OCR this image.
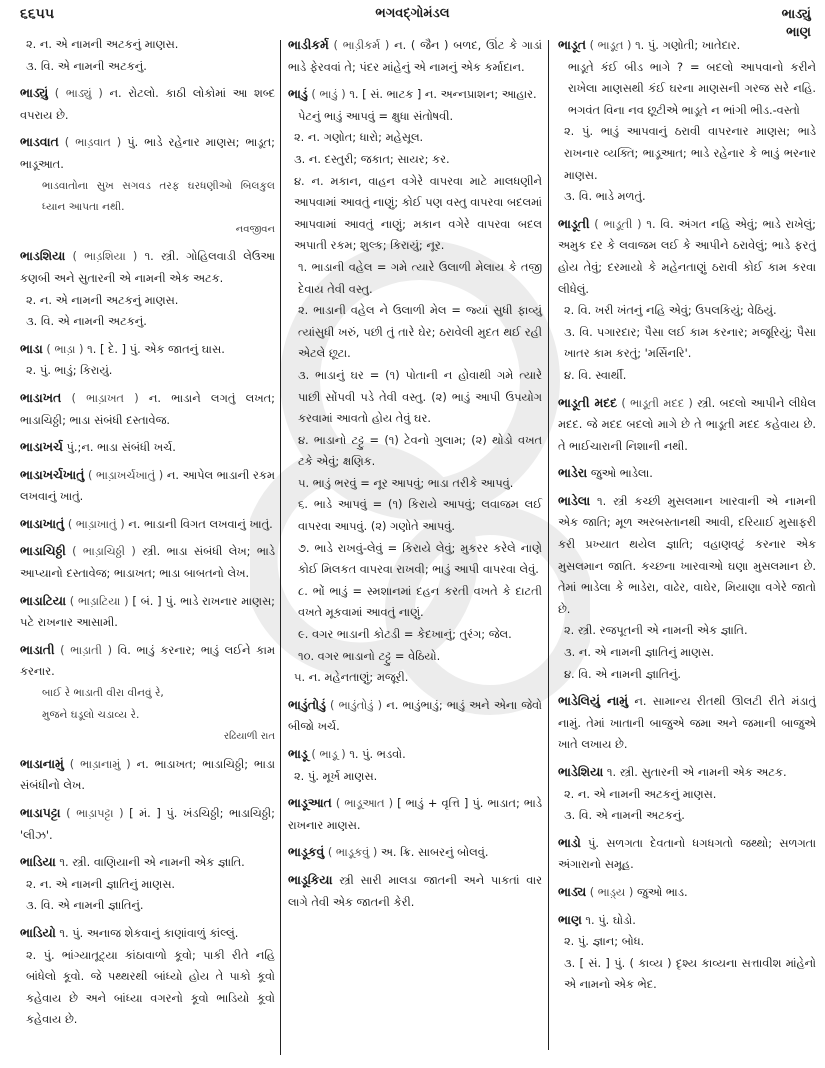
૬૬૫૫	ભગવદ્ગોમંડલ	ભાડ્યું
ભાણ
૨. ન. એ નામની અટકનું માણસ.
૩. વિ. એ નામની અટકનું.
ભાડ્યું ( ભાડ્યું ) ન. રોટલો. કાઠી લોકોમાં આ શબ્દ વપરાય છે.
ભાડવાત ( ભાડ઼વાત ) પું. ભાડે રહેનાર માણસ; ભાડૂત; ભાડૂઆત.
ભાડવાતોના સુખ સગવડ તરફ ઘરધણીઓ બિલકુલ ધ્યાન આપતા નથી.
નવજીવન
ભાડશિયા ( ભાડ઼શિયા ) ૧. સ્ત્રી. ગોહિલવાડી લેઉઆ કણબી અને સુતારની એ નામની એક અટક.
૨. ન. એ નામની અટકનું માણસ.
૩. વિ. એ નામની અટકનું.
ભાડા ( ભાડ઼ા ) ૧. [ દે. ] પું. એક જાતનું ઘાસ.
૨. પું. ભાડું; કિરાયું.
ભાડાખત ( ભાડ઼ાખત ) ન. ભાડાને લગતું લખત; ભાડાચિઠ્ઠી; ભાડા સંબંધી દસ્તાવેજ.
ભાડાખર્ચ પું.;ન. ભાડા સંબંધી ખર્ચ.
ભાડાખર્ચખાતું ( ભાડ઼ાખર્ચખાતું ) ન. આપેલ ભાડાની રકમ લખવાનું ખાતું.
ભાડાખાતું ( ભાડ઼ાખાતું ) ન. ભાડાની વિગત લખવાનું ખાતું.
ભાડાચિઠ્ઠી ( ભાડ઼ાચિઠ્ઠી ) સ્ત્રી. ભાડા સંબંધી લેખ; ભાડે આપ્યાનો દસ્તાવેજ; ભાડાખત; ભાડા બાબતનો લેખ.
ભાડાટિયા ( ભાડ઼ાટિયા ) [ બં. ] પું. ભાડે રાખનાર માણસ; પટે રાખનાર આસામી.
ભાડાતી ( ભાડ઼ાતી ) વિ. ભાડું કરનાર; ભાડું લઈને કામ કરનાર.
બાઈ રે ભાડાતી વીરા વીનવું રે,
મુજને ઘડૂલો ચડાવ્ય રે.
રઢિયાળી રાત
ભાડાનામું ( ભાડ઼ાનામું ) ન. ભાડાખત; ભાડાચિઠ્ઠી; ભાડા સંબંધીનો લેખ.
ભાડાપટ્ટા ( ભાડ઼ાપટ્ટા ) [ મં. ] પું. ખંડચિઠ્ઠી; ભાડાચિઠ્ઠી; 'લીઝ'.
ભાડિયા ૧. સ્ત્રી. વાણિયાની એ નામની એક જ્ઞાતિ.
૨. ન. એ નામની જ્ઞાતિનું માણસ.
૩. વિ. એ નામની જ્ઞાતિનું.
ભાડિયો ૧. પું. અનાજ શેકવાનું કાણાંવાળું કાંલ્લું.
૨. પું. ભાંગ્યાતૂટ્યા કાંઠાવાળો કૂવો; પાકી રીતે નહિ બાંધેલો કૂવો. જે પથ્થરથી બાંધ્યો હોય તે પાકો કૂવો કહેવાય છે અને બાંધ્યા વગરનો કૂવો ભાડિયો કૂવો કહેવાય છે.
ભાડીકર્મ ( ભાડ઼ીકર્મ ) ન. ( જૈન ) બળદ, ઊંટ કે ગાડાં ભાડે ફેરવવાં તે; પંદર માંહેનું એ નામનું એક કર્માદાન.
ભાડું ( ભાડ઼ું ) ૧. [ સં. ભાટક ] ન. અન્નપ્રાશન; આહાર.
પેટનું ભાડું આપવું = ક્ષુધા સંતોષવી.
૨. ન. ગણોત; ધારો; મહેસૂલ.
૩. ન. દસ્તુરી; જકાત; સાયર; કર.
૪. ન. મકાન, વાહન વગેરે વાપરવા માટે માલધણીને આપવામાં આવતું નાણું; કોઈ પણ વસ્તુ વાપરવા બદલમાં આપવામાં આવતું નાણું; મકાન વગેરે વાપરવા બદલ અપાતી રકમ; શુલ્ક; કિરાયું; નૂર.
૧. ભાડાની વહેલ = ગમે ત્યારે ઉલાળી મેલાય કે તજી દેવાય તેવી વસ્તુ.
૨. ભાડાની વહેલ ને ઉલાળી મેલ = જ્યાં સુધી ફાવ્યું ત્યાંસુધી ખરું, પછી તું તારે ઘેર; ઠરાવેલી મુદત થઈ રહી એટલે છૂટા.
૩. ભાડાનું ઘર = (૧) પોતાની ન હોવાથી ગમે ત્યારે પાછી સોંપવી પડે તેવી વસ્તુ. (૨) ભાડું આપી ઉપયોગ કરવામાં આવતો હોય તેવું ઘર.
૪. ભાડાનો ટટ્ટુ = (૧) ટેવનો ગુલામ; (૨) થોડો વખત ટકે એવું; ક્ષણિક.
૫. ભાડું ભરવું = નૂર આપવું; ભાડા તરીકે આપવું.
૬. ભાડે આપવું = (૧) કિરાયે આપવું; લવાજમ લઈ વાપરવા આપવું. (૨) ગણોતે આપવું.
૭. ભાડે રાખવું-લેવું = કિરાયે લેવું; મુકરર કરેલે નાણે કોઈ મિલકત વાપરવા રાખવી; ભાડું આપી વાપરવા લેવું.
૮. ભોં ભાડું = સ્મશાનમાં દહન કરતી વખતે કે દાટતી વખતે મૂકવામાં આવતું નાણું.
૯. વગર ભાડાની કોટડી = કેદખાનું; તુરંગ; જેલ.
૧૦. વગર ભાડાનો ટટ્ટુ = વેઠિયો.
૫. ન. મહેનતાણું; મજૂરી.
ભાડુંતોડું ( ભાડ઼ુંતોડું ) ન. ભાડુંભાડું; ભાડું અને એના જેવો બીજો ખર્ચ.
ભાડૂ ( ભાડ઼ૂ ) ૧. પું. ભડવો.
૨. પું. મૂર્ખ માણસ.
ભાડૂઆત ( ભાડ઼ૂઆત ) [ ભાડું + વૃત્તિ ] પું. ભાડાત; ભાડે રાખનાર માણસ.
ભાડૂકવું ( ભાડ઼ૂકવું ) અ. ક્રિ. સાબરનું બોલવું.
ભાડૂકિયા સ્ત્રી સારી માલડા જાતની અને પાકતાં વાર લાગે તેવી એક જાતની કેરી.
ભાડૂત ( ભાડ઼ૂત ) ૧. પું. ગણોતી; ખાતેદાર.
ભાડૂતે કંઈ બીડ ભાગે ? = બદલો આપવાનો કરીને રાખેલા માણસથી કંઈ ઘરના માણસની ગરજ સરે નહિ. ભગવંત વિના નવ છૂટીએ ભાડૂતે ન ભાંગી ભીડ.-વસ્તો
૨. પું. ભાડું આપવાનું ઠરાવી વાપરનાર માણસ; ભાડે રાખનાર વ્યક્તિ; ભાડૂઆત; ભાડે રહેનાર કે ભાડું ભરનાર માણસ.
૩. વિ. ભાડે મળતું.
ભાડૂતી ( ભાડ઼ૂતી ) ૧. વિ. અંગત નહિ એવું; ભાડે રાખેલું; અમુક દર કે લવાજમ લઈ કે આપીને ઠરાવેલું; ભાડે ફરતું હોય તેવું; દરમાયો કે મહેનતાણું ઠરાવી કોઈ કામ કરવા લીધેલું.
૨. વિ. ખરી ખંતનું નહિ એવું; ઉપલકિયું; વેઠિયું.
૩. વિ. પગારદાર; પૈસા લઈ કામ કરનાર; મજૂરિયું; પૈસા ખાતર કામ કરતું; 'મર્સિનરિ'.
૪. વિ. સ્વાર્થી.
ભાડૂતી મદદ ( ભાડ઼ૂતી મદદ ) સ્ત્રી. બદલો આપીને લીધેલ મદદ. જે મદદ બદલો માગે છે તે ભાડૂતી મદદ કહેવાય છે. તે ભાઈચારાની નિશાની નથી.
ભાડેરા જુઓ ભાડેલા.
ભાડેલા ૧. સ્ત્રી કચ્છી મુસલમાન ખારવાની એ નામની એક જાતિ; મૂળ અરબસ્તાનથી આવી, દરિયાઈ મુસાફરી કરી પ્રખ્યાત થયેલ જ્ઞાતિ; વહાણવટું કરનાર એક મુસલમાન જાતિ. કચ્છના ખારવાઓ ઘણા મુસલમાન છે. તેમાં ભાડેલા કે ભાડેરા, વાઢેર, વાઘેર, મિયાણા વગેરે જાતો છે.
૨. સ્ત્રી. રજપૂતની એ નામની એક જ્ઞાતિ.
૩. ન. એ નામની જ્ઞાતિનું માણસ.
૪. વિ. એ નામની જ્ઞાતિનું.
ભાડેલિયું નામું ન. સામાન્ય રીતથી ઊલટી રીતે મંડાતું નામું. તેમાં ખાતાની બાજુએ જમા અને જમાની બાજુએ ખાતે લખાય છે.
ભાડેશિયા ૧. સ્ત્રી. સુતારની એ નામની એક અટક.
૨. ન. એ નામની અટકનું માણસ.
૩. વિ. એ નામની અટકનું.
ભાડો પું. સળગતા દેવતાનો ધગધગતો જથ્થો; સળગતા અંગારાનો સમૂહ.
ભાડ્ય ( ભાડ઼્ય ) જુઓ ભાડ.
ભાણ ૧. પું. ઘોડો.
૨. પું. જ્ઞાન; બોધ.
૩. [ સં. ] પું. ( કાવ્ય ) દૃશ્ય કાવ્યના સત્તાવીશ માંહેનો એ નામનો એક ભેદ.
